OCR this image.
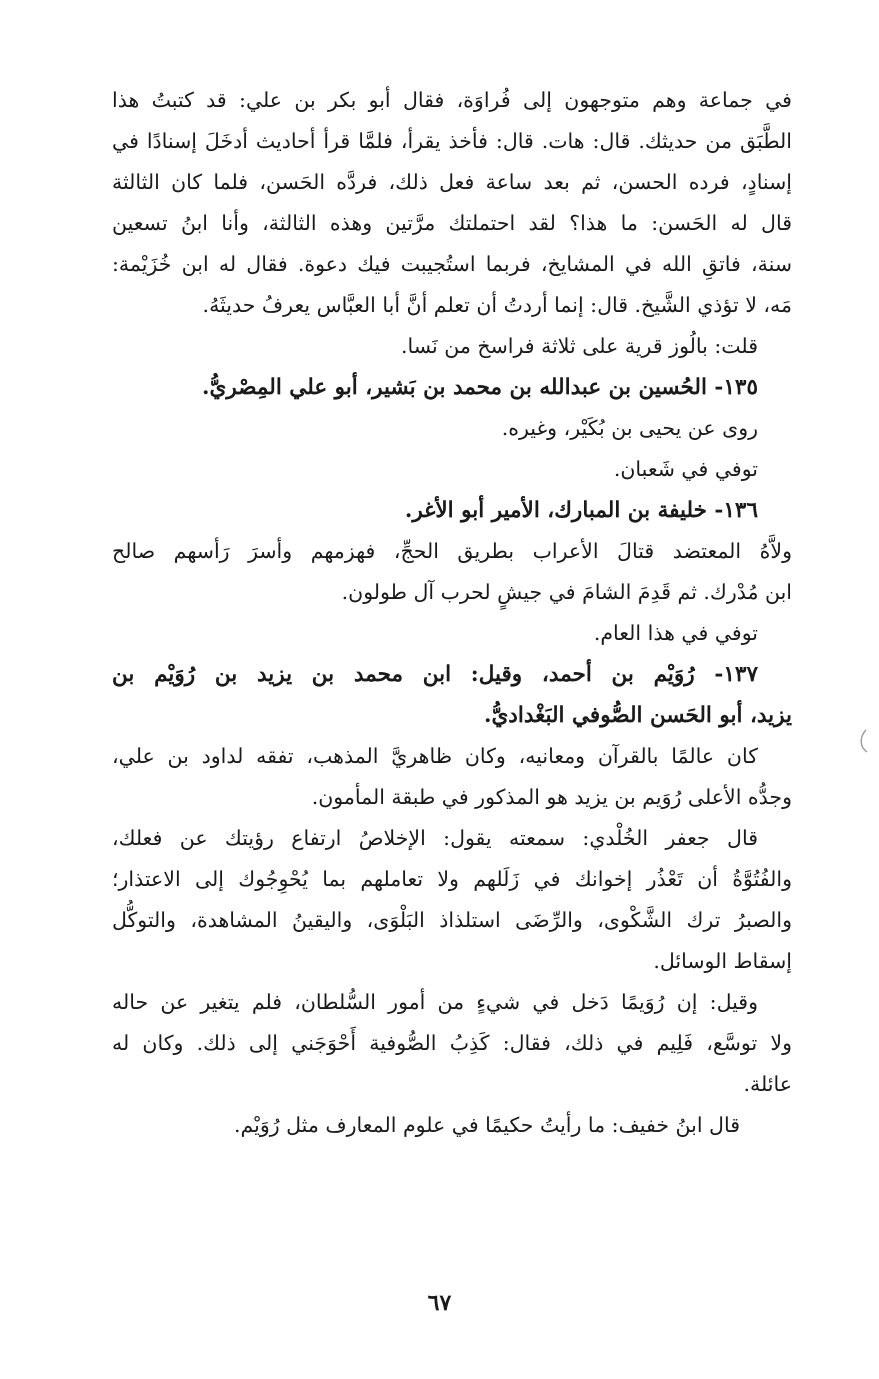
في جماعة وهم متوجهون إلى فُراوَة، فقال أبو بكر بن علي: قد كتبتُ هذا
الطَّبَق من حديثك. قال: هات. قال: فأخذ يقرأ، فلمَّا قرأ أحاديث أدخَلَ إسنادًا في
إسنادٍ، فرده الحسن، ثم بعد ساعة فعل ذلك، فردَّه الحَسن، فلما كان الثالثة
قال له الحَسن: ما هذا؟ لقد احتملتك مرَّتين وهذه الثالثة، وأنا ابنُ تسعين
سنة، فاتقِ الله في المشايخ، فربما استُجيبت فيك دعوة. فقال له ابن خُزَيْمة:
مَه، لا تؤذي الشَّيخ. قال: إنما أردتُ أن تعلم أنَّ أبا العبَّاس يعرفُ حديثَهُ.
قلت: بالُوز قرية على ثلاثة فراسخ من نَسا.
١٣٥- الحُسين بن عبدالله بن محمد بن بَشير، أبو علي المِصْريُّ.
روى عن يحيى بن بُكَيْر، وغيره.
توفي في شَعبان.
١٣٦- خليفة بن المبارك، الأمير أبو الأغر.
ولاَّهُ المعتضد قتالَ الأعراب بطريق الحجِّ، فهزمهم وأسرَ رَأسهم صالح
ابن مُدْرك. ثم قَدِمَ الشامَ في جيشٍ لحرب آل طولون.
توفي في هذا العام.
١٣٧- رُوَيْم بن أحمد، وقيل: ابن محمد بن يزيد بن رُوَيْم بن
يزيد، أبو الحَسن الصُّوفي البَغْداديُّ.
كان عالمًا بالقرآن ومعانيه، وكان ظاهريَّ المذهب، تفقه لداود بن علي،
وجدُّه الأعلى رُوَيم بن يزيد هو المذكور في طبقة المأمون.
قال جعفر الخُلْدي: سمعته يقول: الإخلاصُ ارتفاع رؤيتك عن فعلك،
والفُتُوَّةُ أن تَعْذُر إخوانك في زَلَلهم ولا تعاملهم بما يُحْوِجُوك إلى الاعتذار؛
والصبرُ ترك الشَّكْوى، والرِّضَى استلذاذ البَلْوَى، واليقينُ المشاهدة، والتوكُّل
إسقاط الوسائل.
وقيل: إن رُوَيمًا دَخل في شيءٍ من أمور السُّلطان، فلم يتغير عن حاله
ولا توسَّع، فَلِيم في ذلك، فقال: كَذِبُ الصُّوفية أَحْوَجَني إلى ذلك. وكان له
عائلة.
قال ابنُ خفيف: ما رأيتُ حكيمًا في علوم المعارف مثل رُوَيْم.
٦٧
